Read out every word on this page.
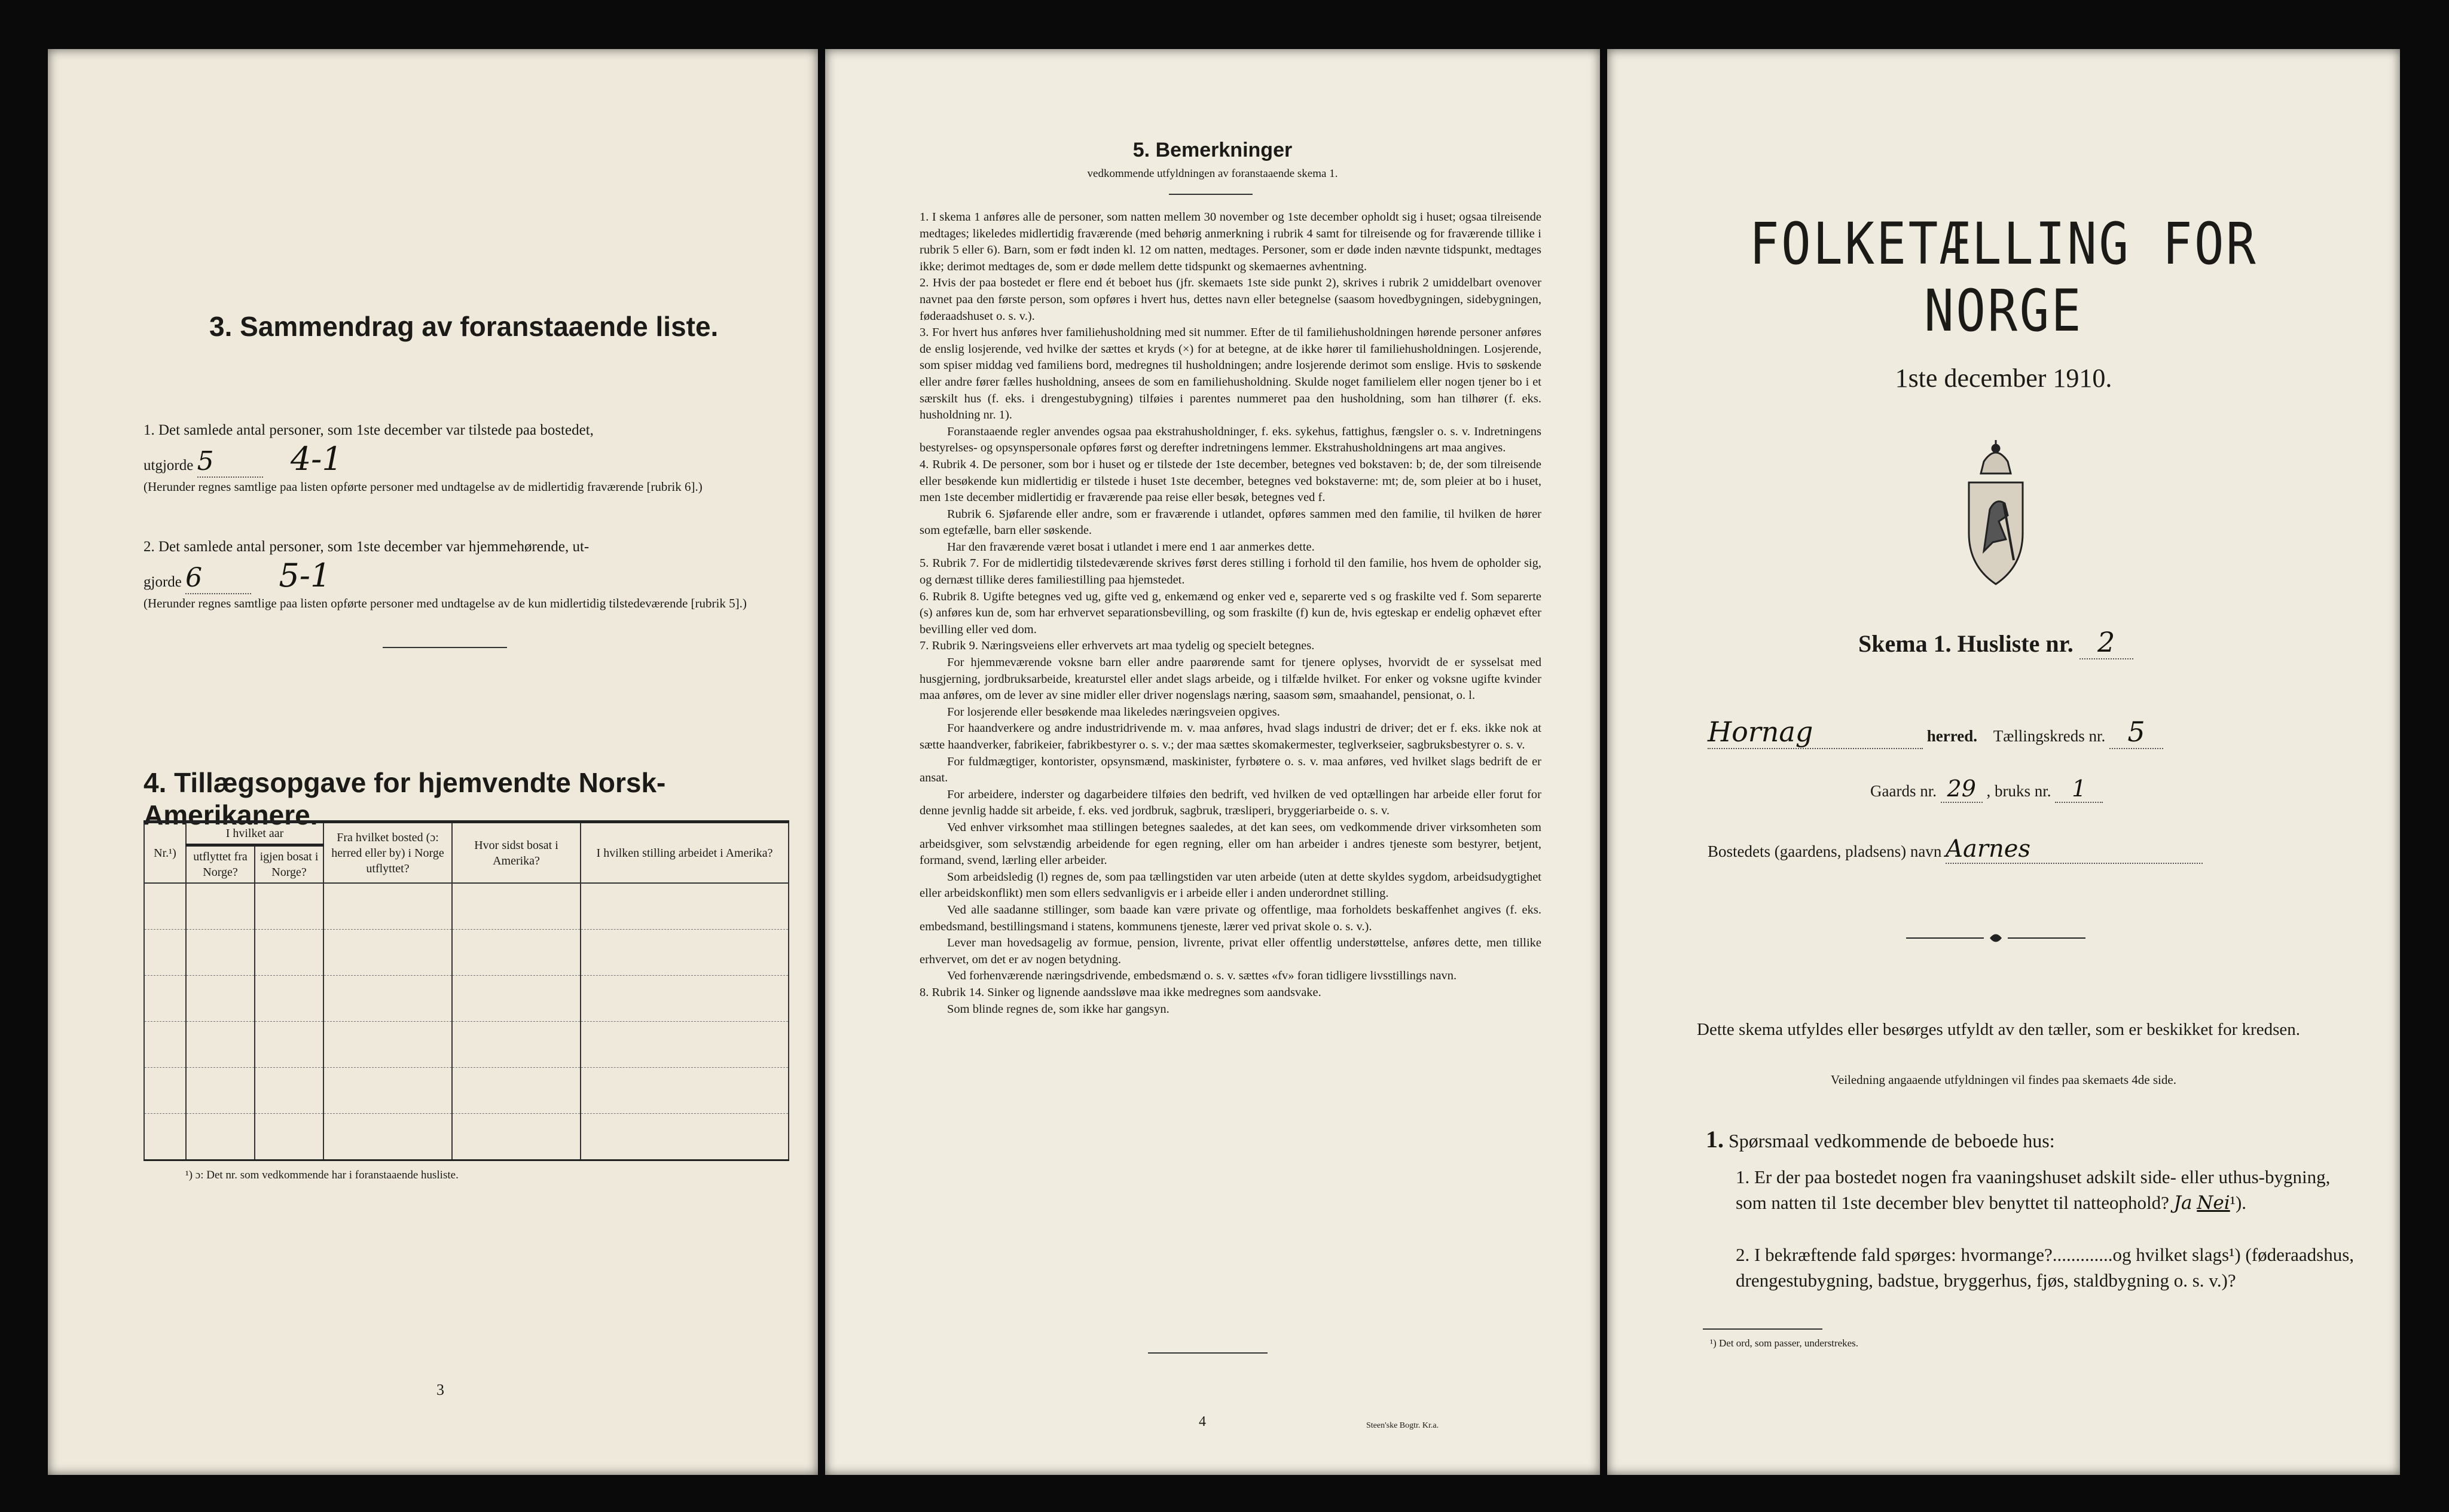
3. Sammendrag av foranstaaende liste.
1. Det samlede antal personer, som 1ste december var tilstede paa bostedet,
utgjorde 5 4-1
(Herunder regnes samtlige paa listen opførte personer med undtagelse av de midlertidig fraværende [rubrik 6].)
2. Det samlede antal personer, som 1ste december var hjemmehørende, ut-
gjorde 6 5-1
(Herunder regnes samtlige paa listen opførte personer med undtagelse av de kun midlertidig tilstedeværende [rubrik 5].)
4. Tillægsopgave for hjemvendte Norsk-Amerikanere.
Nr.¹)	I hvilket aar		Fra hvilket bosted (ɔ: herred eller by) i Norge utflyttet?	Hvor sidst bosat i Amerika?	I hvilken stilling arbeidet i Amerika?
	utflyttet fra Norge?	igjen bosat i Norge?			

¹) ɔ: Det nr. som vedkommende har i foranstaaende husliste.
3
5. Bemerkninger
vedkommende utfyldningen av foranstaaende skema 1.

1. I skema 1 anføres alle de personer, som natten mellem 30 november og 1ste december opholdt sig i huset; ogsaa tilreisende medtages; likeledes midlertidig fraværende (med behørig anmerkning i rubrik 4 samt for tilreisende og for fraværende tillike i rubrik 5 eller 6). Barn, som er født inden kl. 12 om natten, medtages. Personer, som er døde inden nævnte tidspunkt, medtages ikke; derimot medtages de, som er døde mellem dette tidspunkt og skemaernes avhentning.

2. Hvis der paa bostedet er flere end ét beboet hus (jfr. skemaets 1ste side punkt 2), skrives i rubrik 2 umiddelbart ovenover navnet paa den første person, som opføres i hvert hus, dettes navn eller betegnelse (saasom hovedbygningen, sidebygningen, føderaadshuset o. s. v.).

3. For hvert hus anføres hver familiehusholdning med sit nummer. Efter de til familiehusholdningen hørende personer anføres de enslig losjerende, ved hvilke der sættes et kryds (×) for at betegne, at de ikke hører til familiehusholdningen. Losjerende, som spiser middag ved familiens bord, medregnes til husholdningen; andre losjerende derimot som enslige. Hvis to søskende eller andre fører fælles husholdning, ansees de som en familiehusholdning. Skulde noget familielem eller nogen tjener bo i et særskilt hus (f. eks. i drengestubygning) tilføies i parentes nummeret paa den husholdning, som han tilhører (f. eks. husholdning nr. 1).

Foranstaaende regler anvendes ogsaa paa ekstrahusholdninger, f. eks. sykehus, fattighus, fængsler o. s. v. Indretningens bestyrelses- og opsynspersonale opføres først og derefter indretningens lemmer. Ekstrahusholdningens art maa angives.

4. Rubrik 4. De personer, som bor i huset og er tilstede der 1ste december, betegnes ved bokstaven: b; de, der som tilreisende eller besøkende kun midlertidig er tilstede i huset 1ste december, betegnes ved bokstaverne: mt; de, som pleier at bo i huset, men 1ste december midlertidig er fraværende paa reise eller besøk, betegnes ved f.

Rubrik 6. Sjøfarende eller andre, som er fraværende i utlandet, opføres sammen med den familie, til hvilken de hører som egtefælle, barn eller søskende.

Har den fraværende været bosat i utlandet i mere end 1 aar anmerkes dette.

5. Rubrik 7. For de midlertidig tilstedeværende skrives først deres stilling i forhold til den familie, hos hvem de opholder sig, og dernæst tillike deres familiestilling paa hjemstedet.

6. Rubrik 8. Ugifte betegnes ved ug, gifte ved g, enkemænd og enker ved e, separerte ved s og fraskilte ved f. Som separerte (s) anføres kun de, som har erhvervet separationsbevilling, og som fraskilte (f) kun de, hvis egteskap er endelig ophævet efter bevilling eller ved dom.

7. Rubrik 9. Næringsveiens eller erhvervets art maa tydelig og specielt betegnes.

For hjemmeværende voksne barn eller andre paarørende samt for tjenere oplyses, hvorvidt de er sysselsat med husgjerning, jordbruksarbeide, kreaturstel eller andet slags arbeide, og i tilfælde hvilket. For enker og voksne ugifte kvinder maa anføres, om de lever av sine midler eller driver nogenslags næring, saasom søm, smaahandel, pensionat, o. l.

For losjerende eller besøkende maa likeledes næringsveien opgives.

For haandverkere og andre industridrivende m. v. maa anføres, hvad slags industri de driver; det er f. eks. ikke nok at sætte haandverker, fabrikeier, fabrikbestyrer o. s. v.; der maa sættes skomakermester, teglverkseier, sagbruksbestyrer o. s. v.

For fuldmægtiger, kontorister, opsynsmænd, maskinister, fyrbøtere o. s. v. maa anføres, ved hvilket slags bedrift de er ansat.

For arbeidere, inderster og dagarbeidere tilføies den bedrift, ved hvilken de ved optællingen har arbeide eller forut for denne jevnlig hadde sit arbeide, f. eks. ved jordbruk, sagbruk, træsliperi, bryggeriarbeide o. s. v.

Ved enhver virksomhet maa stillingen betegnes saaledes, at det kan sees, om vedkommende driver virksomheten som arbeidsgiver, som selvstændig arbeidende for egen regning, eller om han arbeider i andres tjeneste som bestyrer, betjent, formand, svend, lærling eller arbeider.

Som arbeidsledig (l) regnes de, som paa tællingstiden var uten arbeide (uten at dette skyldes sygdom, arbeidsudygtighet eller arbeidskonflikt) men som ellers sedvanligvis er i arbeide eller i anden underordnet stilling.

Ved alle saadanne stillinger, som baade kan være private og offentlige, maa forholdets beskaffenhet angives (f. eks. embedsmand, bestillingsmand i statens, kommunens tjeneste, lærer ved privat skole o. s. v.).

Lever man hovedsagelig av formue, pension, livrente, privat eller offentlig understøttelse, anføres dette, men tillike erhvervet, om det er av nogen betydning.

Ved forhenværende næringsdrivende, embedsmænd o. s. v. sættes «fv» foran tidligere livsstillings navn.

8. Rubrik 14. Sinker og lignende aandssløve maa ikke medregnes som aandsvake.

Som blinde regnes de, som ikke har gangsyn.

4	Steen'ske Bogtr. Kr.a.
FOLKETÆLLING FOR NORGE
1ste december 1910.
Skema 1. Husliste nr. 2
Hornag	herred. Tællingskreds nr. 5
Gaards nr. 29 , bruks nr. 1
Bostedets (gaardens, pladsens) navn Aarnes
Dette skema utfyldes eller besørges utfyldt av den tæller, som er beskikket for kredsen.
Veiledning angaaende utfyldningen vil findes paa skemaets 4de side.
1. Spørsmaal vedkommende de beboede hus:
1. Er der paa bostedet nogen fra vaaningshuset adskilt side- eller uthus-bygning, som natten til 1ste december blev benyttet til natteophold? Ja Nei¹).
2. I bekræftende fald spørges: hvormange?.............og hvilket slags¹) (føderaadshus, drengestubygning, badstue, bryggerhus, fjøs, staldbygning o. s. v.)?
¹) Det ord, som passer, understrekes.
